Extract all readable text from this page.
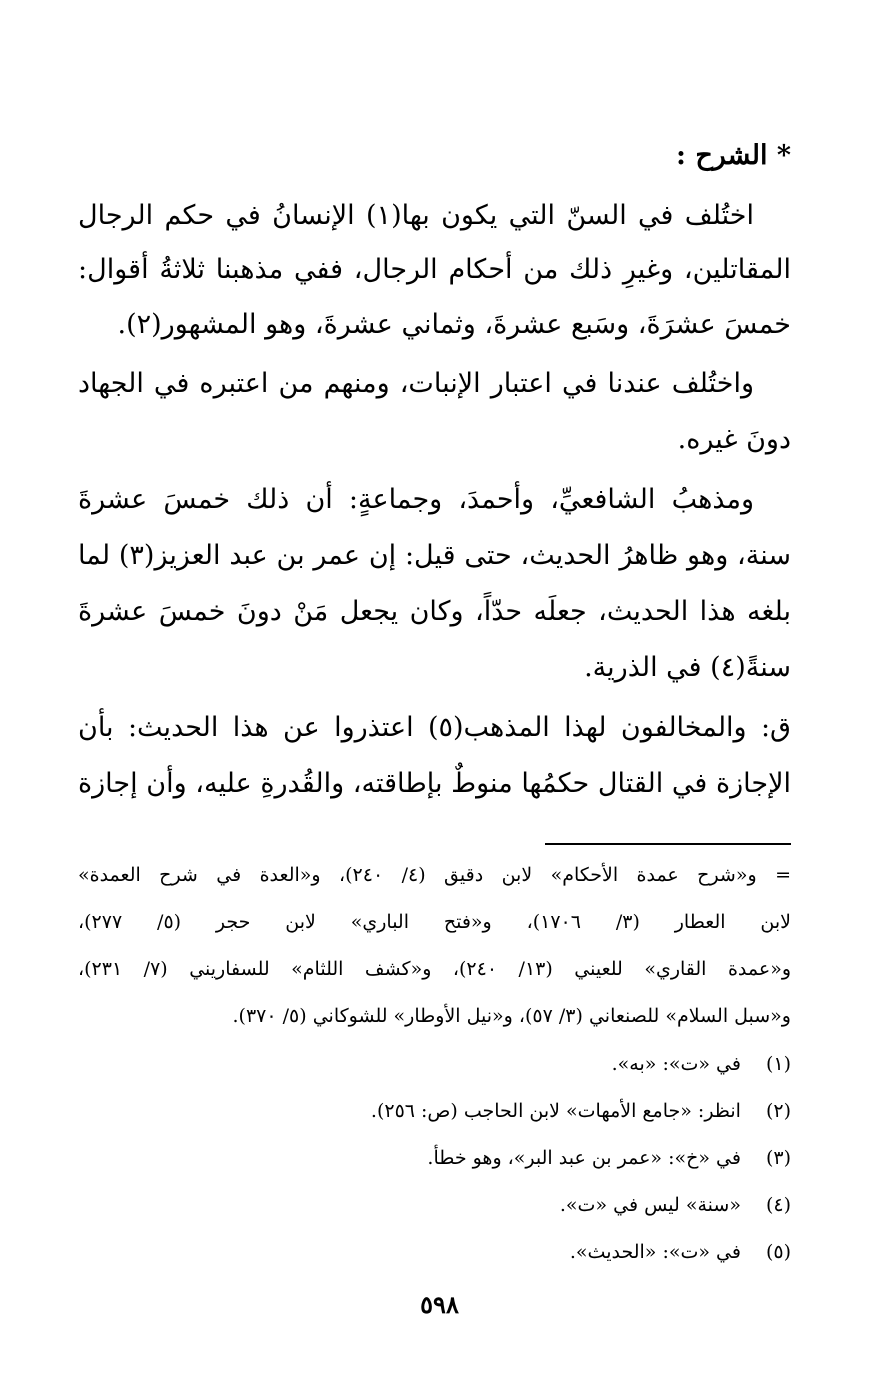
* الشرح :
اختُلف في السنّ التي يكون بها(١) الإنسانُ في حكم الرجال
المقاتلين، وغيرِ ذلك من أحكام الرجال، ففي مذهبنا ثلاثةُ أقوال:
خمسَ عشرَةَ، وسَبع عشرةَ، وثماني عشرةَ، وهو المشهور(٢).
واختُلف عندنا في اعتبار الإنبات، ومنهم من اعتبره في الجهاد
دونَ غيره.
ومذهبُ الشافعيِّ، وأحمدَ، وجماعةٍ: أن ذلك خمسَ عشرةَ
سنة، وهو ظاهرُ الحديث، حتى قيل: إن عمر بن عبد العزيز(٣) لما
بلغه هذا الحديث، جعلَه حدّاً، وكان يجعل مَنْ دونَ خمسَ عشرةَ
سنةً(٤) في الذرية.
ق: والمخالفون لهذا المذهب(٥) اعتذروا عن هذا الحديث: بأن
الإجازة في القتال حكمُها منوطٌ بإطاقته، والقُدرةِ عليه، وأن إجازة
= و«شرح عمدة الأحكام» لابن دقيق (٤/ ٢٤٠)، و«العدة في شرح العمدة»
لابن العطار (٣/ ١٧٠٦)، و«فتح الباري» لابن حجر (٥/ ٢٧٧)،
و«عمدة القاري» للعيني (١٣/ ٢٤٠)، و«كشف اللثام» للسفاريني (٧/ ٢٣١)،
و«سبل السلام» للصنعاني (٣/ ٥٧)، و«نيل الأوطار» للشوكاني (٥/ ٣٧٠).
(١) في «ت»: «به».
(٢) انظر: «جامع الأمهات» لابن الحاجب (ص: ٢٥٦).
(٣) في «خ»: «عمر بن عبد البر»، وهو خطأ.
(٤) «سنة» ليس في «ت».
(٥) في «ت»: «الحديث».
٥٩٨
